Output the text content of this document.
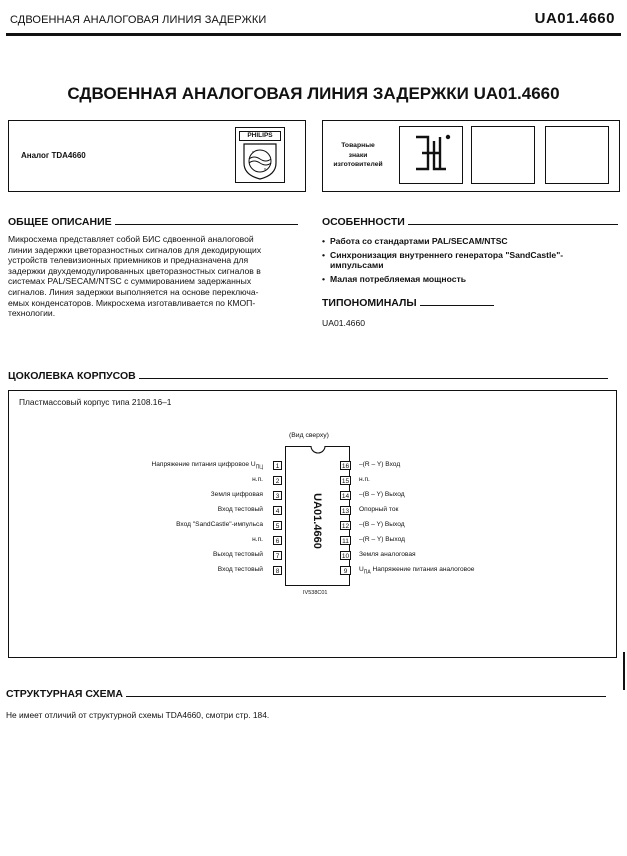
СДВОЕННАЯ АНАЛОГОВАЯ ЛИНИЯ ЗАДЕРЖКИ	UA01.4660
СДВОЕННАЯ АНАЛОГОВАЯ ЛИНИЯ ЗАДЕРЖКИ UA01.4660
Аналог TDA4660
PHILIPS
*
*
Товарные
знаки
изготовителей
ОБЩЕЕ ОПИСАНИЕ
Микросхема представляет собой БИС сдвоенной аналоговой
линии задержки цветоразностных сигналов для декодирующих
устройств телевизионных приемников и предназначена для
задержки двухдемодулированных цветоразностных сигналов в
системах PAL/SECAM/NTSC с суммированием задержанных
сигналов. Линия задержки выполняется на основе переключа-
емых конденсаторов. Микросхема изготавливается по КМОП-
технологии.
ОСОБЕННОСТИ
• Работа со стандартами PAL/SECAM/NTSC
• Синхронизация внутреннего генератора "SandCastle"-импульсами
• Малая потребляемая мощность
ТИПОНОМИНАЛЫ
UA01.4660
ЦОКОЛЕВКА КОРПУСОВ
Пластмассовый корпус типа 2108.16–1
(Вид сверху)
UA01.4660
Напряжение питания цифровое $U_{ПЦ}$
н.п.
Земля цифровая
Вход тестовый
Вход "SandCastle"-импульса
н.п.
Выход тестовый
Вход тестовый
1
2
3
4
5
6
7
8
16
15
14
13
12
11
10
9
–(R – Y) Вход
н.п.
–(B – Y) Выход
Опорный ток
–(B – Y) Выход
–(R – Y) Выход
Земля аналоговая
$U_{ПА}$ Напряжение питания аналоговое
IV538C01
СТРУКТУРНАЯ СХЕМА
Не имеет отличий от структурной схемы TDA4660, смотри стр. 184.
